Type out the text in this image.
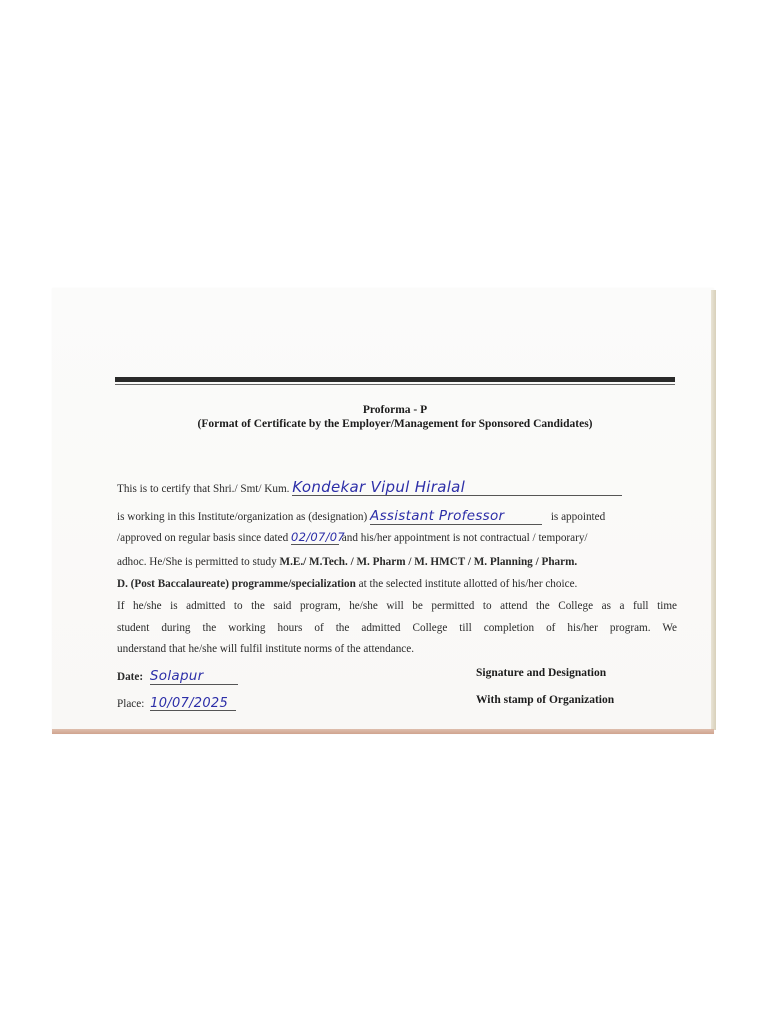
Proforma - P

(Format of Certificate by the Employer/Management for Sponsored Candidates)

This is to certify that Shri./ Smt/ Kum. Kondekar Vipul Hiralal
is working in this Institute/organization as (designation) Assistant Professor	is appointed
/approved on regular basis since dated 02/07/07 and his/her appointment is not contractual / temporary/
adhoc. He/She is permitted to study M.E./ M.Tech. / M. Pharm / M. HMCT / M. Planning / Pharm.
D. (Post Baccalaureate) programme/specialization at the selected institute allotted of his/her choice.
If he/she is admitted to the said program, he/she will be permitted to attend the College as a full time
student during the working hours of the admitted College till completion of his/her program. We
understand that he/she will fulfil institute norms of the attendance.
Date: Solapur
Place: 10/07/2025
Signature and Designation
With stamp of Organization
